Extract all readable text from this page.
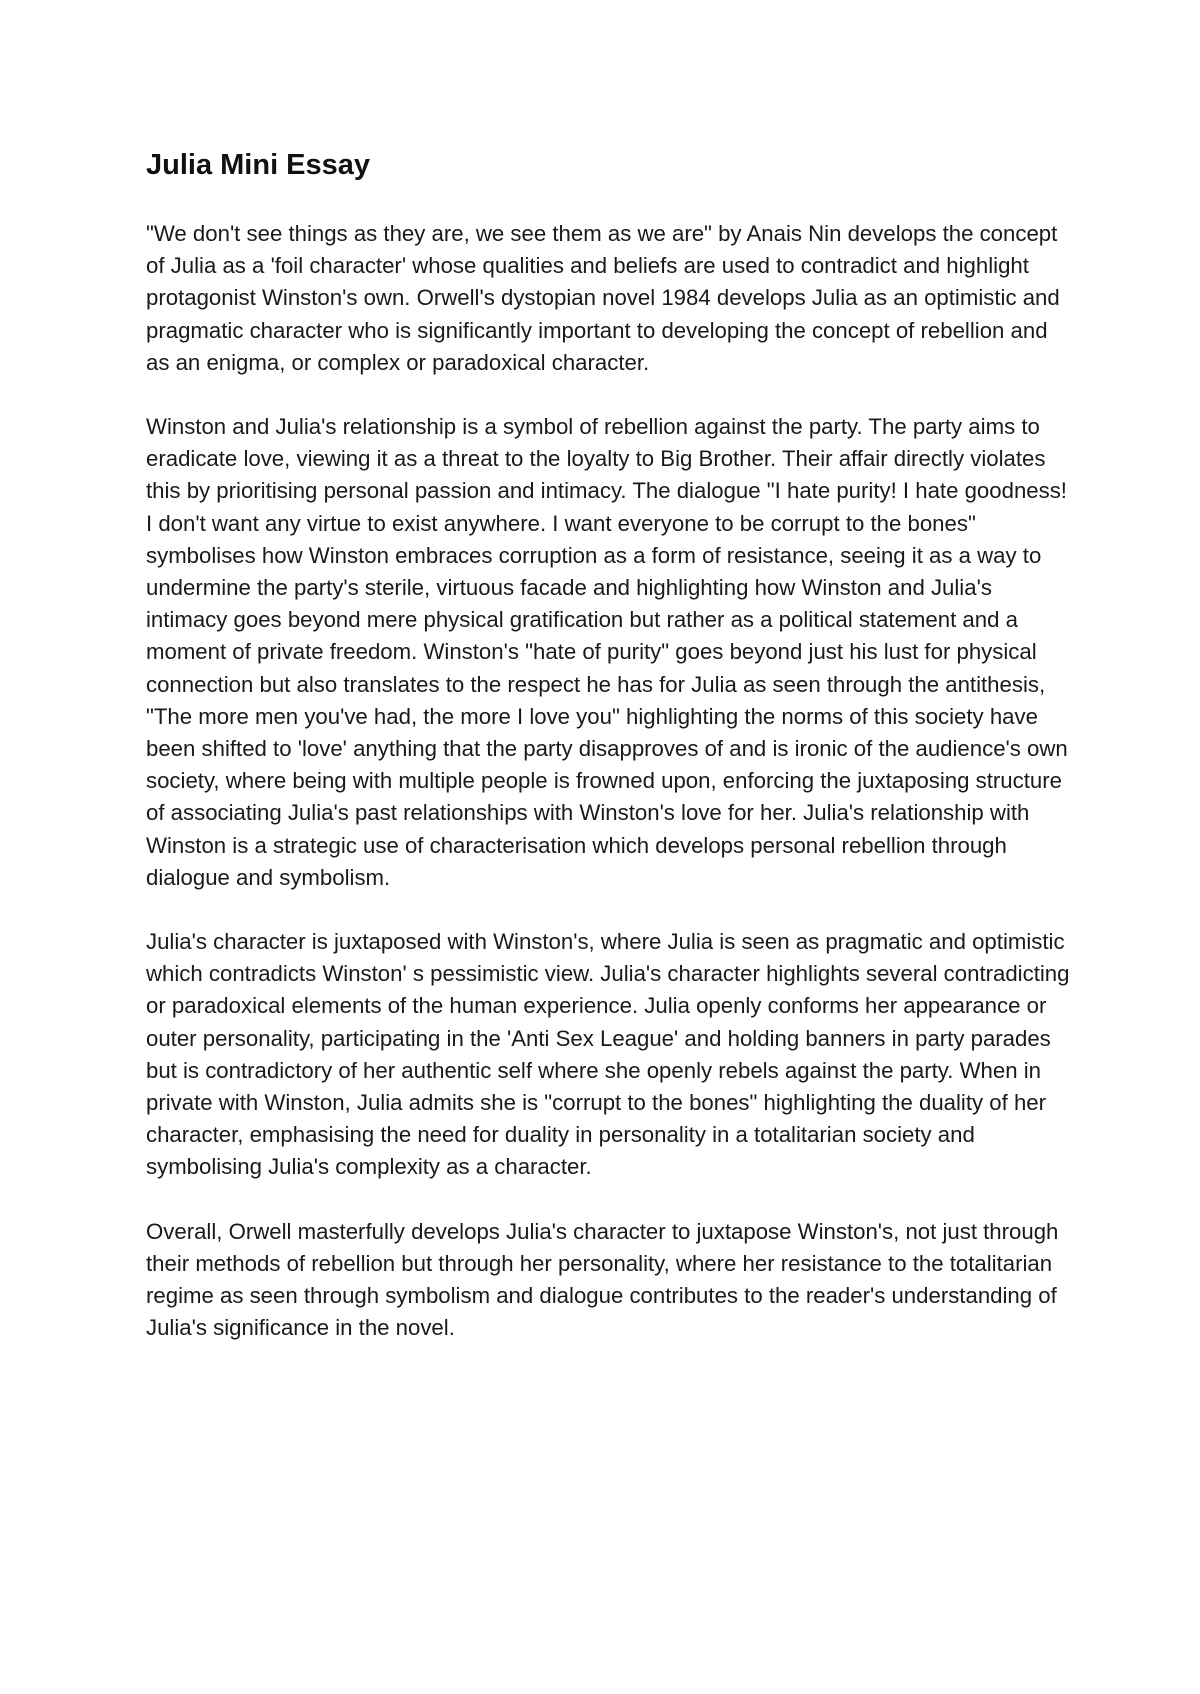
Julia Mini Essay

"We don't see things as they are, we see them as we are" by Anais Nin develops the concept of Julia as a 'foil character' whose qualities and beliefs are used to contradict and highlight protagonist Winston's own. Orwell's dystopian novel 1984 develops Julia as an optimistic and pragmatic character who is significantly important to developing the concept of rebellion and as an enigma, or complex or paradoxical character.

Winston and Julia's relationship is a symbol of rebellion against the party. The party aims to eradicate love, viewing it as a threat to the loyalty to Big Brother. Their affair directly violates this by prioritising personal passion and intimacy. The dialogue "I hate purity! I hate goodness! I don't want any virtue to exist anywhere. I want everyone to be corrupt to the bones" symbolises how Winston embraces corruption as a form of resistance, seeing it as a way to undermine the party's sterile, virtuous facade and highlighting how Winston and Julia's intimacy goes beyond mere physical gratification but rather as a political statement and a moment of private freedom. Winston's "hate of purity" goes beyond just his lust for physical connection but also translates to the respect he has for Julia as seen through the antithesis, "The more men you've had, the more I love you" highlighting the norms of this society have been shifted to 'love' anything that the party disapproves of and is ironic of the audience's own society, where being with multiple people is frowned upon, enforcing the juxtaposing structure of associating Julia's past relationships with Winston's love for her. Julia's relationship with Winston is a strategic use of characterisation which develops personal rebellion through dialogue and symbolism.

Julia's character is juxtaposed with Winston's, where Julia is seen as pragmatic and optimistic which contradicts Winston' s pessimistic view. Julia's character highlights several contradicting or paradoxical elements of the human experience. Julia openly conforms her appearance or outer personality, participating in the 'Anti Sex League' and holding banners in party parades but is contradictory of her authentic self where she openly rebels against the party. When in private with Winston, Julia admits she is "corrupt to the bones" highlighting the duality of her character, emphasising the need for duality in personality in a totalitarian society and symbolising Julia's complexity as a character.

Overall, Orwell masterfully develops Julia's character to juxtapose Winston's, not just through their methods of rebellion but through her personality, where her resistance to the totalitarian regime as seen through symbolism and dialogue contributes to the reader's understanding of Julia's significance in the novel.
